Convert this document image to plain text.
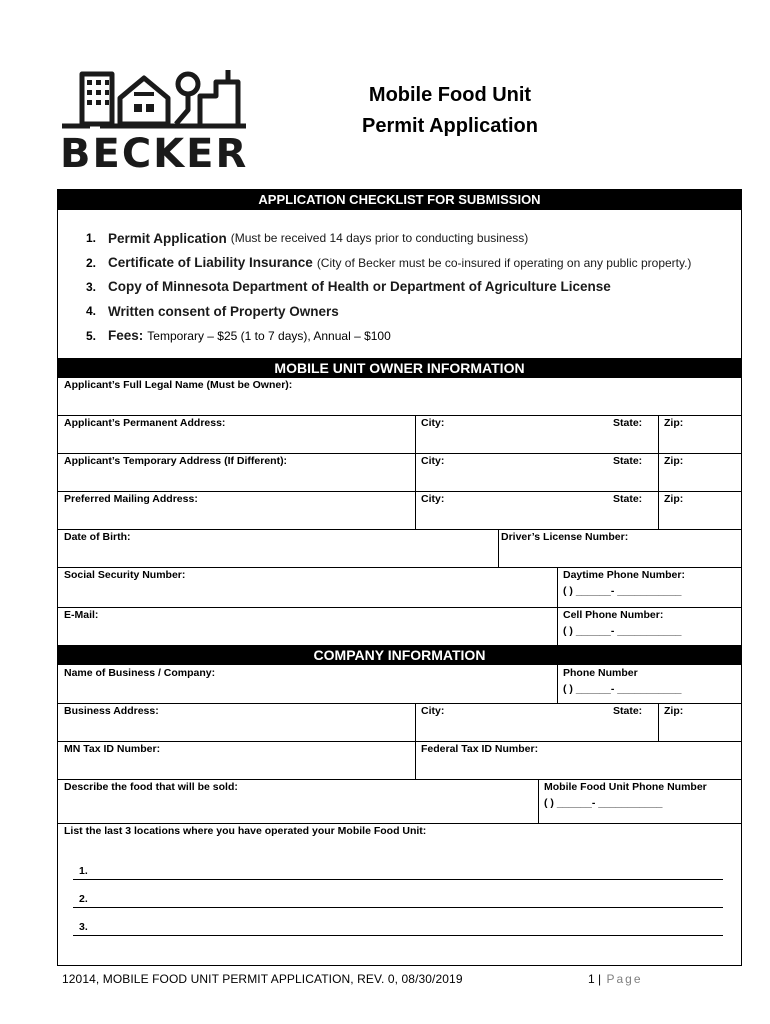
BECKER
Mobile Food Unit
Permit Application
APPLICATION CHECKLIST FOR SUBMISSION
1. Permit Application (Must be received 14 days prior to conducting business)
2. Certificate of Liability Insurance (City of Becker must be co-insured if operating on any public property.)
3. Copy of Minnesota Department of Health or Department of Agriculture License
4. Written consent of Property Owners
5. Fees: Temporary – $25 (1 to 7 days), Annual – $100
MOBILE UNIT OWNER INFORMATION
Applicant’s Full Legal Name (Must be Owner):
Applicant’s Permanent Address:	City:	State: Zip:
Applicant’s Temporary Address (If Different):	City:	State: Zip:
Preferred Mailing Address:	City:	State: Zip:
Date of Birth:	Driver’s License Number:
Social Security Number:	Daytime Phone Number:
( ) ______- ___________
E-Mail:	Cell Phone Number:
( ) ______- ___________
COMPANY INFORMATION
Name of Business / Company:	Phone Number
( ) ______- ___________
Business Address:	City:	State: Zip:
MN Tax ID Number:	Federal Tax ID Number:
Describe the food that will be sold:	Mobile Food Unit Phone Number
( ) ______- ___________
List the last 3 locations where you have operated your Mobile Food Unit:
1.
2.
3.
12014, MOBILE FOOD UNIT PERMIT APPLICATION, REV. 0, 08/30/2019	1 | Page
